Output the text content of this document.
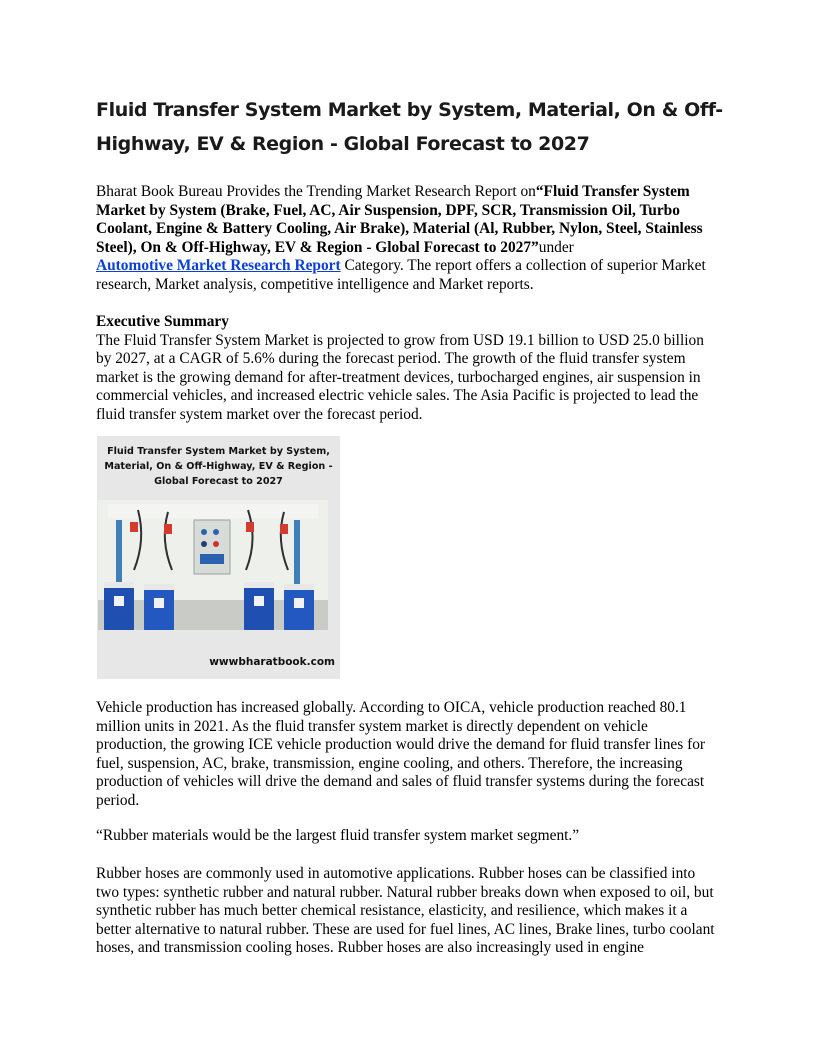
Fluid Transfer System Market by System, Material, On & Off-Highway, EV & Region - Global Forecast to 2027

Bharat Book Bureau Provides the Trending Market Research Report on“Fluid Transfer System Market by System (Brake, Fuel, AC, Air Suspension, DPF, SCR, Transmission Oil, Turbo Coolant, Engine & Battery Cooling, Air Brake), Material (Al, Rubber, Nylon, Steel, Stainless Steel), On & Off-Highway, EV & Region - Global Forecast to 2027”under
Automotive Market Research Report Category. The report offers a collection of superior Market research, Market analysis, competitive intelligence and Market reports.

Executive Summary
The Fluid Transfer System Market is projected to grow from USD 19.1 billion to USD 25.0 billion by 2027, at a CAGR of 5.6% during the forecast period. The growth of the fluid transfer system market is the growing demand for after-treatment devices, turbocharged engines, air suspension in commercial vehicles, and increased electric vehicle sales. The Asia Pacific is projected to lead the fluid transfer system market over the forecast period.

Fluid Transfer System Market by System, Material, On & Off-Highway, EV & Region - Global Forecast to 2027
wwwbharatbook.com

Vehicle production has increased globally. According to OICA, vehicle production reached 80.1 million units in 2021. As the fluid transfer system market is directly dependent on vehicle production, the growing ICE vehicle production would drive the demand for fluid transfer lines for fuel, suspension, AC, brake, transmission, engine cooling, and others. Therefore, the increasing production of vehicles will drive the demand and sales of fluid transfer systems during the forecast period.

“Rubber materials would be the largest fluid transfer system market segment.”

Rubber hoses are commonly used in automotive applications. Rubber hoses can be classified into two types: synthetic rubber and natural rubber. Natural rubber breaks down when exposed to oil, but synthetic rubber has much better chemical resistance, elasticity, and resilience, which makes it a better alternative to natural rubber. These are used for fuel lines, AC lines, Brake lines, turbo coolant hoses, and transmission cooling hoses. Rubber hoses are also increasingly used in engine
